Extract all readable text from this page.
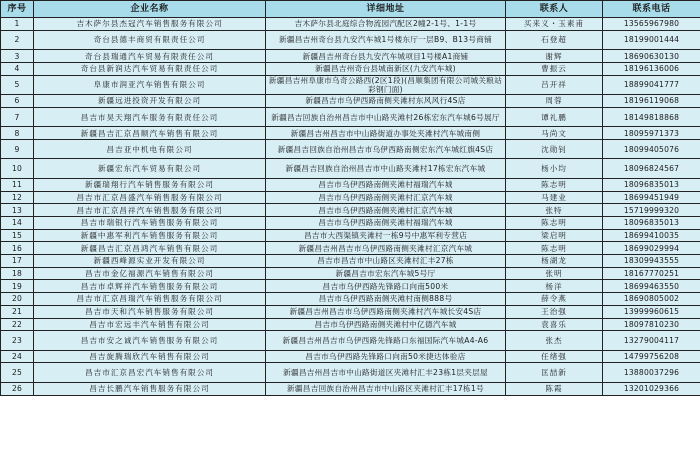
序号	企业名称	详细地址	联系人	联系电话
1	吉木萨尔县杰冠汽车销售服务有限公司	吉木萨尔县北庭综合物流园汽配区2幢2-1号、1-1号	买来义・玉素甫	13565967980
2	奇台县德丰商贸有限责任公司	新疆昌吉州奇台县九安汽车城1号楼东厅一层B9、B13号商铺	石登超	18199001444
3	奇台县瑞通汽车贸易有限责任公司	新疆昌吉州奇台县九安汽车城项目1号楼A1商铺	谢辉	18690630130
4	奇台县新润达汽车贸易有限责任公司	新疆昌吉州奇台县城南新区(九安汽车城)	曹振云	18196136006
5	阜康市润亚汽车销售有限公司	新疆昌吉州阜康市乌奇公路西(2区1段)(昌顺集团有限公司城关粮站彩钢门面)	吕开祥	18899041777
6	新疆远进投资开发有限公司	新疆昌吉市乌伊西路南侧夹滩村东风风行4S店	周蓉	18196119068
7	昌吉市昊天翔汽车服务有限责任公司	新疆昌吉回族自治州昌吉市中山路夹滩村26栋宏东汽车城6号展厅	谭礼鹏	18149818868
8	新疆昌吉汇京昌顺汽车销售有限公司	新疆昌吉州昌吉市中山路街道办事处夹滩村汽车城南侧	马尚文	18095971373
9	昌吉亚中机电有限公司	新疆昌吉回族自治州昌吉市乌伊西路南侧宏东汽车城红旗4S店	沈勋钊	18099405076
10	新疆宏东汽车贸易有限公司	新疆昌吉回族自治州昌吉市中山路夹滩村17栋宏东汽车城	杨小均	18096824567
11	新疆瑞翔行汽车销售服务有限公司	昌吉市乌伊西路南侧夹滩村福瑞汽车城	陈志明	18096835013
12	昌吉市汇京昌盛汽车销售服务有限公司	昌吉市乌伊西路南侧夹滩村汇京汽车城	马建业	18699451949
13	昌吉市汇京昌祥汽车销售服务有限公司	昌吉市乌伊西路南侧夹滩村汇京汽车城	张特	15719999320
14	昌吉市瑞银行汽车销售服务有限公司	昌吉市乌伊西路南侧夹滩村福瑞汽车城	陈志明	18096835013
15	新疆中惠军利汽车销售服务有限公司	昌吉市大西渠镇夹滩村一栋9号中惠军利专营店	梁启明	18699410035
16	新疆昌吉汇京昌鸿汽车销售有限公司	新疆昌吉州昌吉市乌伊西路南侧夹滩村汇京汽车城	陈志明	18699029994
17	新疆西峰源实业开发有限公司	昌吉市昌吉市中山路区夹滩村汇丰27栋	杨湖龙	18309943555
18	昌吉市金亿福源汽车销售有限公司	新疆昌吉市宏东汽车城5号厅	张明	18167770251
19	昌吉市卓辉祥汽车销售服务有限公司	昌吉市乌伊西路先锋路口向南500米	杨洋	18699463550
20	昌吉市汇京昌瑞汽车销售服务有限公司	昌吉市乌伊西路南侧夹滩村南侧888号	薛令燕	18690805002
21	昌吉市天和汽车销售服务有限公司	新疆昌吉州昌吉市乌伊西路南侧夹滩村汽车城长安4S店	王治强	13999960615
22	昌吉市宏远丰汽车销售有限公司	昌吉市乌伊西路南侧夹滩村中亿德汽车城	袁喜乐	18097810230
23	昌吉市安之诚汽车销售服务有限公司	新疆昌吉州昌吉市乌伊西路先锋路口东福国际汽车城A4-A6	张杰	13279004117
24	昌吉旋腾瑞欣汽车销售有限公司	昌吉市乌伊西路先锋路口向南50米捷达体验店	任绪强	14799756208
25	昌吉市汇京昌宏汽车销售有限公司	新疆昌吉州昌吉市中山路街道区夹滩村汇丰23栋1层夹层屋	匡喆新	13880037296
26	昌吉长鹏汽车销售服务有限公司	新疆昌吉回族自治州昌吉市中山路区夹滩村汇丰17栋1号	陈霞	13201029366
